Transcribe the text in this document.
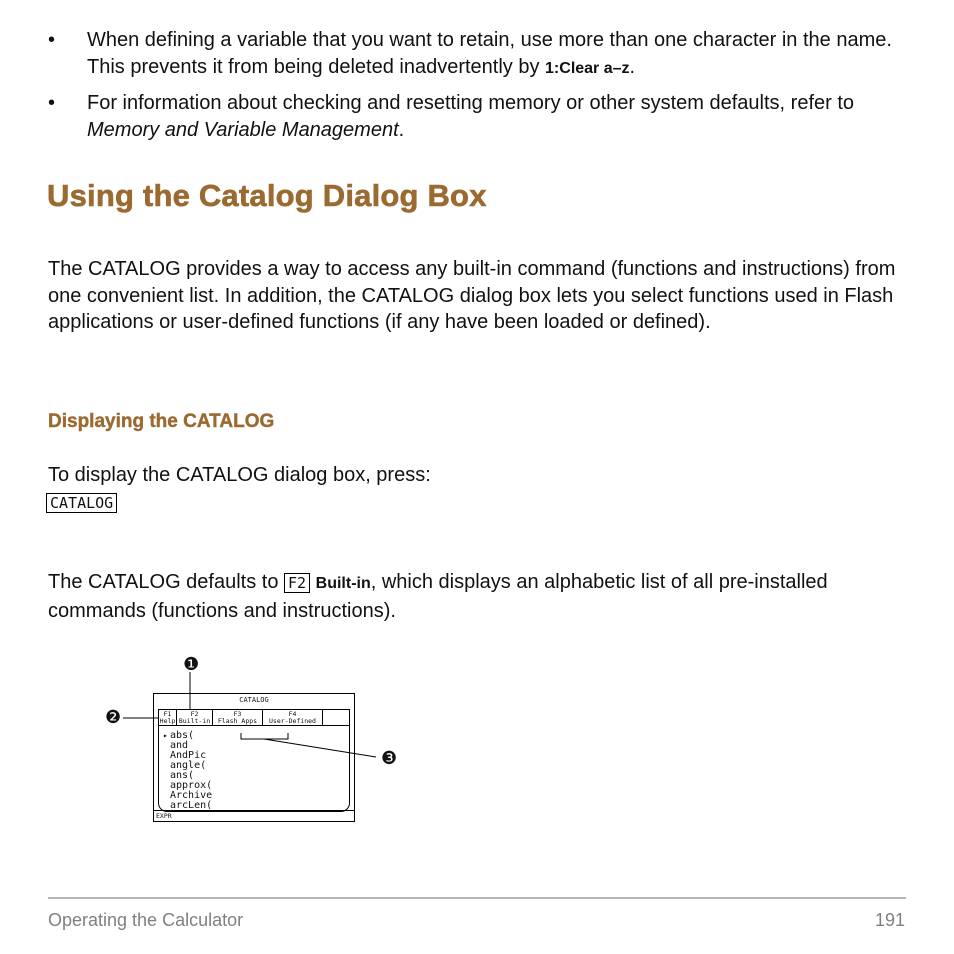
• When defining a variable that you want to retain, use more than one character in the name. This prevents it from being deleted inadvertently by 1:Clear a–z.
• For information about checking and resetting memory or other system defaults, refer to Memory and Variable Management.
Using the Catalog Dialog Box
The CATALOG provides a way to access any built-in command (functions and instructions) from one convenient list. In addition, the CATALOG dialog box lets you select functions used in Flash applications or user-defined functions (if any have been loaded or defined).
Displaying the CATALOG
To display the CATALOG dialog box, press:
CATALOG
The CATALOG defaults to F2 Built-in, which displays an alphabetic list of all pre-installed commands (functions and instructions).
CATALOG
F1
Help
F2
Built-in
F3
Flash Apps
F4
User-Defined
▸ abs(
and
AndPic
angle(
ans(
approx(
Archive
arcLen(
EXPR
❶
❷
❸
Operating the Calculator	191
